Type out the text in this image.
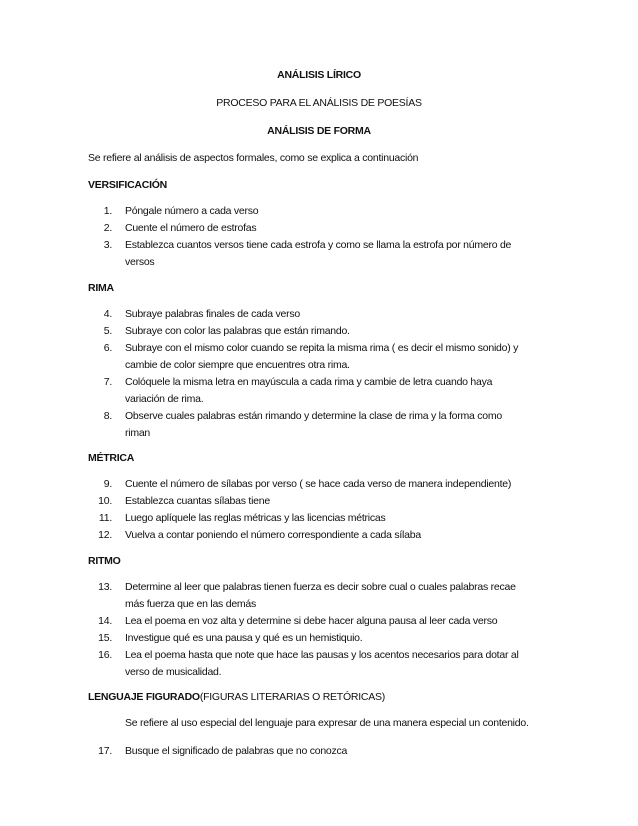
ANÁLISIS LÍRICO
PROCESO PARA EL ANÁLISIS DE POESÍAS
ANÁLISIS DE FORMA
Se refiere al análisis de aspectos formales, como se explica a continuación
VERSIFICACIÓN
1. Póngale número a cada verso
2. Cuente el número de estrofas
3. Establezca cuantos versos tiene cada estrofa y como se llama la estrofa por número de
versos
RIMA
4. Subraye palabras finales de cada verso
5. Subraye con color las palabras que están rimando.
6. Subraye con el mismo color cuando se repita la misma rima ( es decir el mismo sonido) y
cambie de color siempre que encuentres otra rima.
7. Colóquele la misma letra en mayúscula a cada rima y cambie de letra cuando haya
variación de rima.
8. Observe cuales palabras están rimando y determine la clase de rima y la forma como
riman
MÉTRICA
9. Cuente el número de sílabas por verso ( se hace cada verso de manera independiente)
10. Establezca cuantas sílabas tiene
11. Luego aplíquele las reglas métricas y las licencias métricas
12. Vuelva a contar poniendo el número correspondiente a cada sílaba
RITMO
13. Determine al leer que palabras tienen fuerza es decir sobre cual o cuales palabras recae
más fuerza que en las demás
14. Lea el poema en voz alta y determine si debe hacer alguna pausa al leer cada verso
15. Investigue qué es una pausa y qué es un hemistiquio.
16. Lea el poema hasta que note que hace las pausas y los acentos necesarios para dotar al
verso de musicalidad.
LENGUAJE FIGURADO(FIGURAS LITERARIAS O RETÓRICAS)
Se refiere al uso especial del lenguaje para expresar de una manera especial un contenido.
17. Busque el significado de palabras que no conozca
